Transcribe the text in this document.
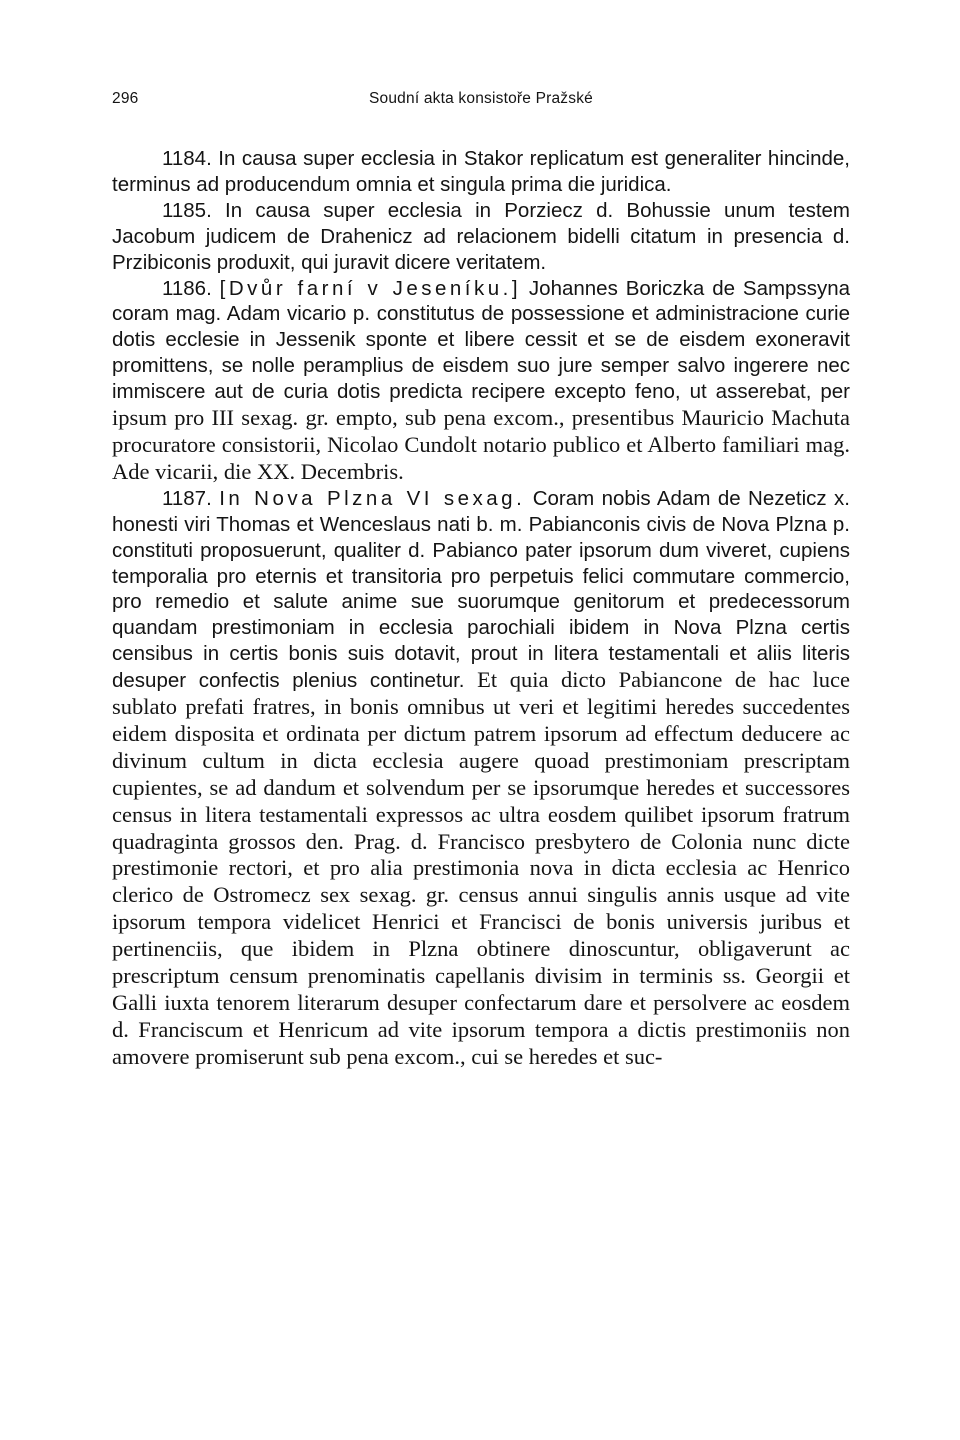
296	Soudní akta konsistoře Pražské

1184. In causa super ecclesia in Stakor replicatum est generaliter hincinde, terminus ad producendum omnia et singula prima die juridica.

1185. In causa super ecclesia in Porziecz d. Bohussie unum testem Jacobum judicem de Drahenicz ad relacionem bidelli citatum in presencia d. Przibiconis produxit, qui juravit dicere veritatem.

1186. [Dvůr farní v Jeseníku.] Johannes Boriczka de Sampssyna coram mag. Adam vicario p. constitutus de possessione et administracione curie dotis ecclesie in Jessenik sponte et libere cessit et se de eisdem exoneravit promittens, se nolle peramplius de eisdem suo jure semper salvo ingerere nec immiscere aut de curia dotis predicta recipere excepto feno, ut asserebat, per ipsum pro III sexag. gr. empto, sub pena excom., presentibus Mauricio Machuta procuratore consistorii, Nicolao Cundolt notario publico et Alberto familiari mag. Ade vicarii, die XX. Decembris.

1187. In Nova Plzna VI sexag. Coram nobis Adam de Nezeticz x. honesti viri Thomas et Wenceslaus nati b. m. Pabianconis civis de Nova Plzna p. constituti proposuerunt, qualiter d. Pabianco pater ipsorum dum viveret, cupiens temporalia pro eternis et transitoria pro perpetuis felici commutare commercio, pro remedio et salute anime sue suorumque genitorum et predecessorum quandam prestimoniam in ecclesia parochiali ibidem in Nova Plzna certis censibus in certis bonis suis dotavit, prout in litera testamentali et aliis literis desuper confectis plenius continetur. Et quia dicto Pabiancone de hac luce sublato prefati fratres, in bonis omnibus ut veri et legitimi heredes succedentes eidem disposita et ordinata per dictum patrem ipsorum ad effectum deducere ac divinum cultum in dicta ecclesia augere quoad prestimoniam prescriptam cupientes, se ad dandum et solvendum per se ipsorumque heredes et successores census in litera testamentali expressos ac ultra eosdem quilibet ipsorum fratrum quadraginta grossos den. Prag. d. Francisco presbytero de Colonia nunc dicte prestimonie rectori, et pro alia prestimonia nova in dicta ecclesia ac Henrico clerico de Ostromecz sex sexag. gr. census annui singulis annis usque ad vite ipsorum tempora videlicet Henrici et Francisci de bonis universis juribus et pertinenciis, que ibidem in Plzna obtinere dinoscuntur, obligaverunt ac prescriptum censum prenominatis capellanis divisim in terminis ss. Georgii et Galli iuxta tenorem literarum desuper confectarum dare et persolvere ac eosdem d. Franciscum et Henricum ad vite ipsorum tempora a dictis prestimoniis non amovere promiserunt sub pena excom., cui se heredes et suc-
